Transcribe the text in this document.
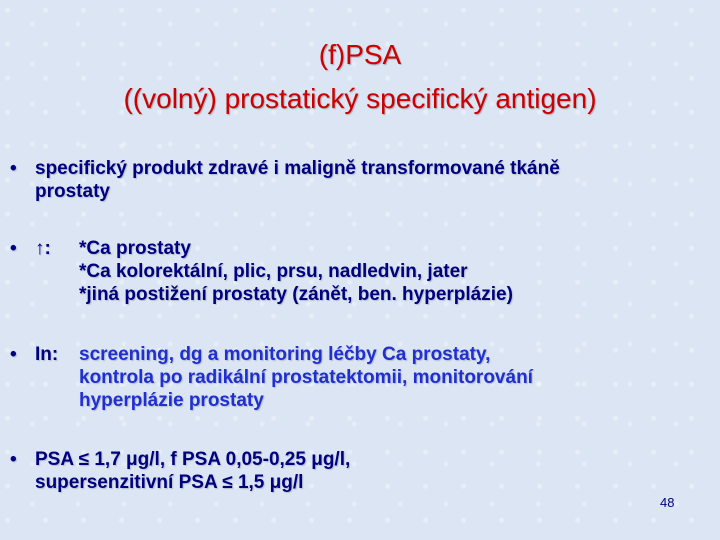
(f)PSA
((volný) prostatický specifický antigen)
• specifický produkt zdravé i maligně transformované tkáně
prostaty
• ↑:	*Ca prostaty
*Ca kolorektální, plic, prsu, nadledvin, jater
*jiná postižení prostaty (zánět, ben. hyperplázie)
• In: screening, dg a monitoring léčby Ca prostaty,
kontrola po radikální prostatektomii, monitorování
hyperplázie prostaty
• PSA ≤ 1,7 μg/l, f PSA 0,05-0,25 μg/l,
supersenzitivní PSA ≤ 1,5 μg/l
48
